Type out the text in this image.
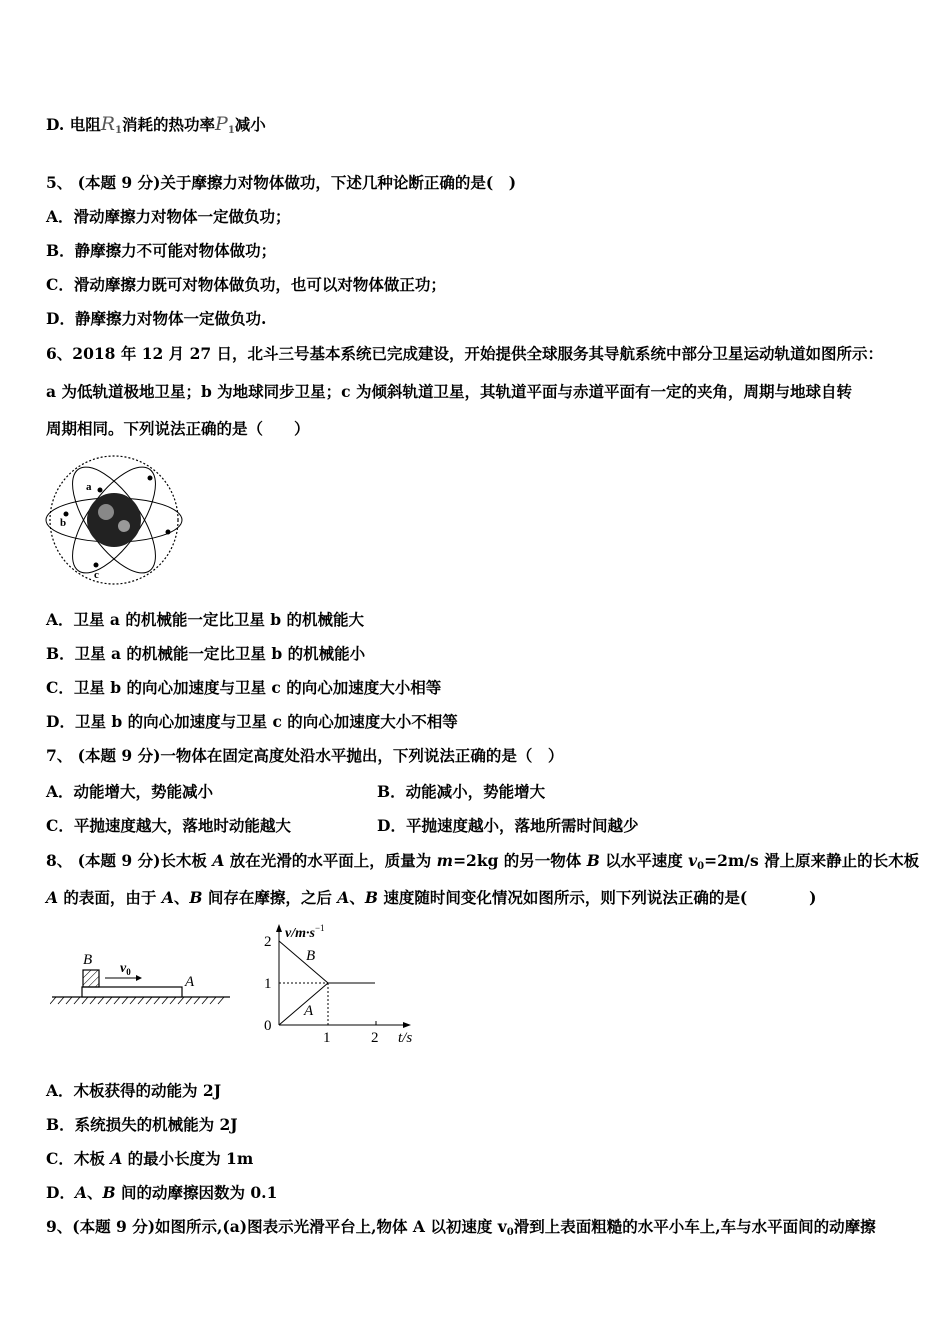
D. 电阻$R_1$消耗的热功率$P_1$减小
5、 (本题 9 分)关于摩擦力对物体做功，下述几种论断正确的是(　)
A．滑动摩擦力对物体一定做负功；
B．静摩擦力不可能对物体做功；
C．滑动摩擦力既可对物体做负功，也可以对物体做正功；
D．静摩擦力对物体一定做负功.
6、2018 年 12 月 27 日，北斗三号基本系统已完成建设，开始提供全球服务其导航系统中部分卫星运动轨道如图所示：
a 为低轨道极地卫星；b 为地球同步卫星；c 为倾斜轨道卫星，其轨道平面与赤道平面有一定的夹角，周期与地球自转
周期相同。下列说法正确的是（　　）
a
b
c
A．卫星 a 的机械能一定比卫星 b 的机械能大
B．卫星 a 的机械能一定比卫星 b 的机械能小
C．卫星 b 的向心加速度与卫星 c 的向心加速度大小相等
D．卫星 b 的向心加速度与卫星 c 的向心加速度大小不相等
7、 (本题 9 分)一物体在固定高度处沿水平抛出，下列说法正确的是（　）
A．动能增大，势能减小	B．动能减小，势能增大
C．平抛速度越大，落地时动能越大	D．平抛速度越小，落地所需时间越少
8、 (本题 9 分)长木板 A 放在光滑的水平面上，质量为 m=2kg 的另一物体 B 以水平速度 $v_0=2m/s$ 滑上原来静止的长木板
A 的表面，由于 A、B 间存在摩擦，之后 A、B 速度随时间变化情况如图所示，则下列说法正确的是(　　　　)
B
$v_0$
A
$v/m\cdot s^{-1}$
2
1
0
1	2 t/s
B
A
A．木板获得的动能为 2J
B．系统损失的机械能为 2J
C．木板 A 的最小长度为 1m
D．A、B 间的动摩擦因数为 0.1
9、(本题 9 分)如图所示,(a)图表示光滑平台上,物体 A 以初速度 $v_0$滑到上表面粗糙的水平小车上,车与水平面间的动摩擦
